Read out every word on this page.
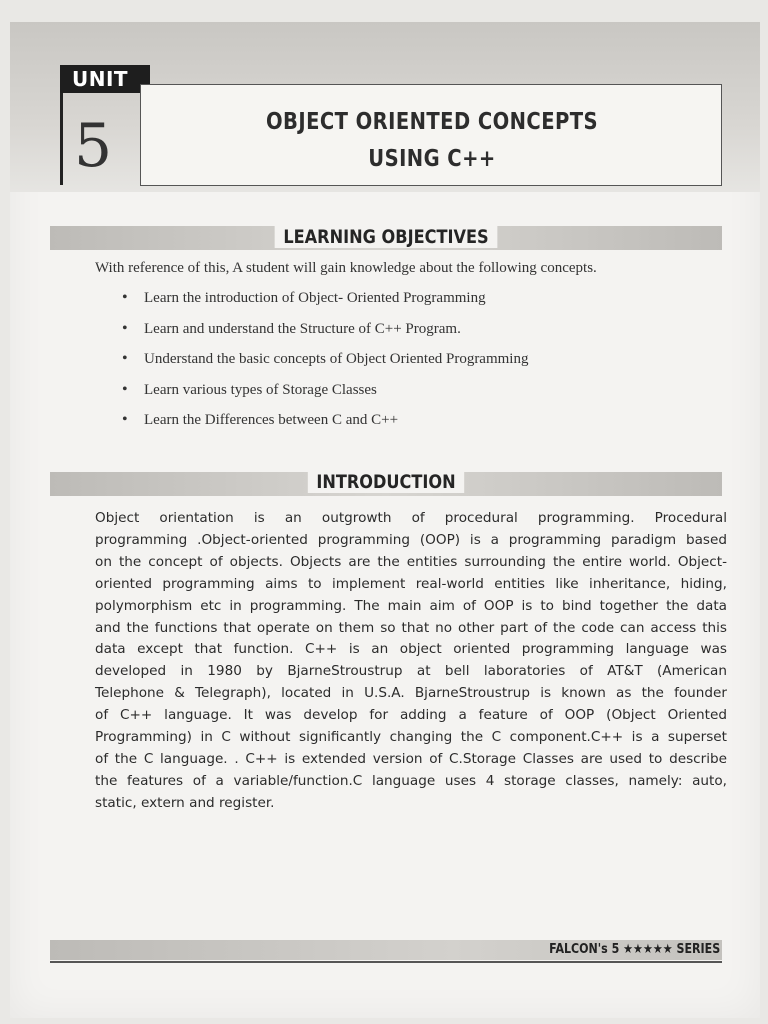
UNIT
5	OBJECT ORIENTED CONCEPTS
USING C++
LEARNING OBJECTIVES
With reference of this, A student will gain knowledge about the following concepts.
• Learn the introduction of Object- Oriented Programming
• Learn and understand the Structure of C++ Program.
• Understand the basic concepts of Object Oriented Programming
• Learn various types of Storage Classes
• Learn the Differences between C and C++
INTRODUCTION
Object orientation is an outgrowth of procedural programming. Procedural
programming .Object-oriented programming (OOP) is a programming paradigm based
on the concept of objects. Objects are the entities surrounding the entire world. Object-
oriented programming aims to implement real-world entities like inheritance, hiding,
polymorphism etc in programming. The main aim of OOP is to bind together the data
and the functions that operate on them so that no other part of the code can access this
data except that function. C++ is an object oriented programming language was
developed in 1980 by BjarneStroustrup at bell laboratories of AT&T (American
Telephone & Telegraph), located in U.S.A. BjarneStroustrup is known as the founder
of C++ language. It was develop for adding a feature of OOP (Object Oriented
Programming) in C without significantly changing the C component.C++ is a superset
of the C language. . C++ is extended version of C.Storage Classes are used to describe
the features of a variable/function.C language uses 4 storage classes, namely: auto,
static, extern and register.
FALCON's 5 ★★★★★ SERIES
